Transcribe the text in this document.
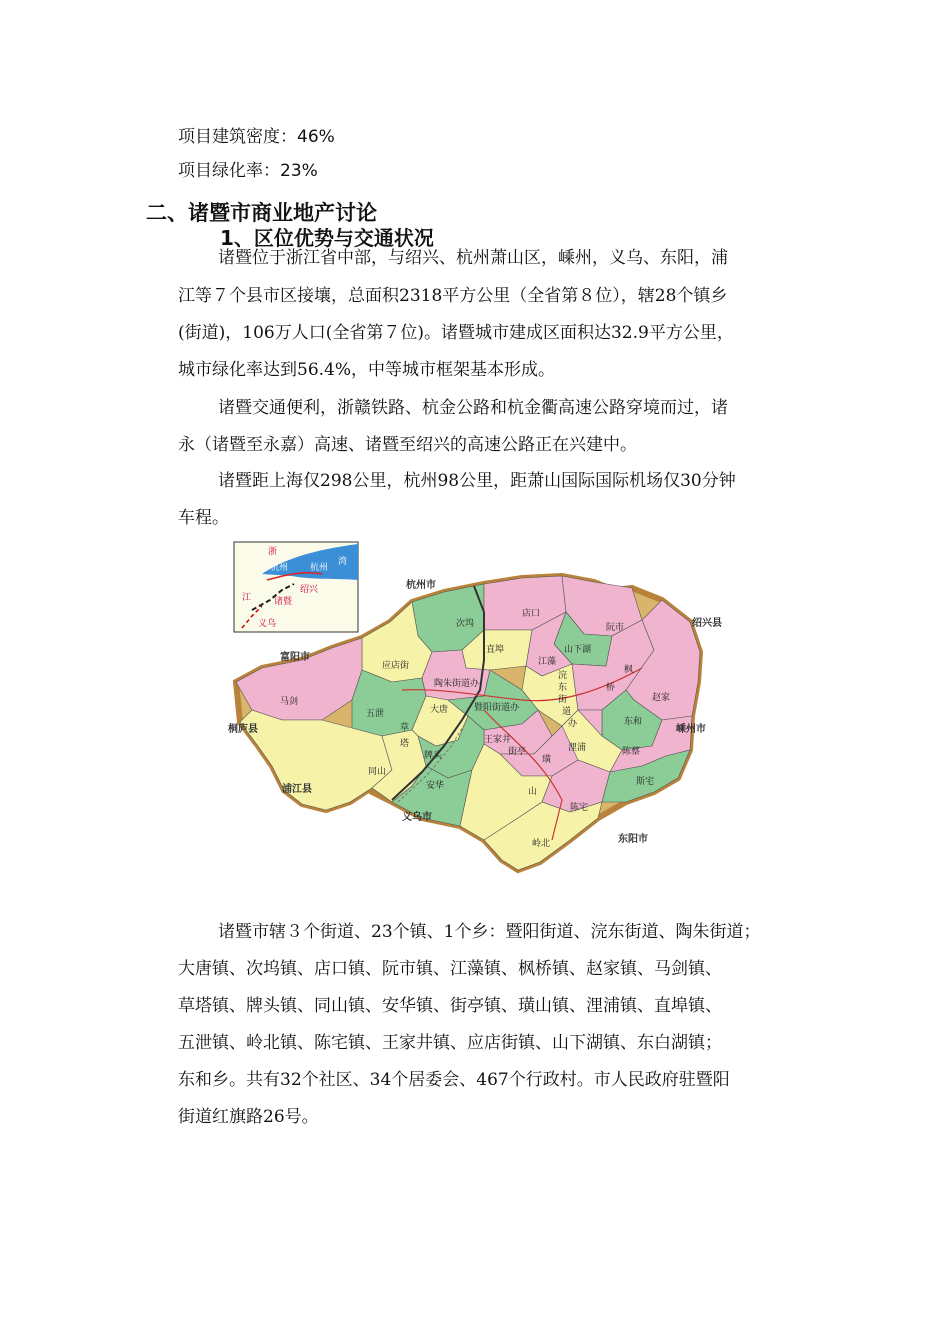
项目建筑密度：46%
项目绿化率：23%
二、诸暨市商业地产讨论
1、区位优势与交通状况
诸暨位于浙江省中部，与绍兴、杭州萧山区，嵊州，义乌、东阳，浦
江等７个县市区接壤，总面积2318平方公里（全省第８位），辖28个镇乡
(街道)，106万人口(全省第７位)。诸暨城市建成区面积达32.9平方公里，
城市绿化率达到56.4%，中等城市框架基本形成。
诸暨交通便利，浙赣铁路、杭金公路和杭金衢高速公路穿境而过，诸
永（诸暨至永嘉）高速、诸暨至绍兴的高速公路正在兴建中。
诸暨距上海仅298公里，杭州98公里，距萧山国际国际机场仅30分钟
车程。
浙
江
杭州 杭州
湾
绍兴
诸暨
义乌
杭州市
绍兴县
富阳市
桐庐县
浦江县
义乌市
东阳市
嵊州市
次坞
店口
阮市
山下湖
直埠
江藻
应店街
陶朱街道办
浣
东
街
道
办
枫
桥
赵家
马剑
五泄	大唐	暨阳街道办
东和
草
塔	王家井
街亭	浬浦	陈蔡
牌头
同山
安华
璜
山
陈宅
斯宅
岭北
诸暨市辖３个街道、23个镇、1个乡：暨阳街道、浣东街道、陶朱街道；
大唐镇、次坞镇、店口镇、阮市镇、江藻镇、枫桥镇、赵家镇、马剑镇、
草塔镇、牌头镇、同山镇、安华镇、街亭镇、璜山镇、浬浦镇、直埠镇、
五泄镇、岭北镇、陈宅镇、王家井镇、应店街镇、山下湖镇、东白湖镇；
东和乡。共有32个社区、34个居委会、467个行政村。市人民政府驻暨阳
街道红旗路26号。
